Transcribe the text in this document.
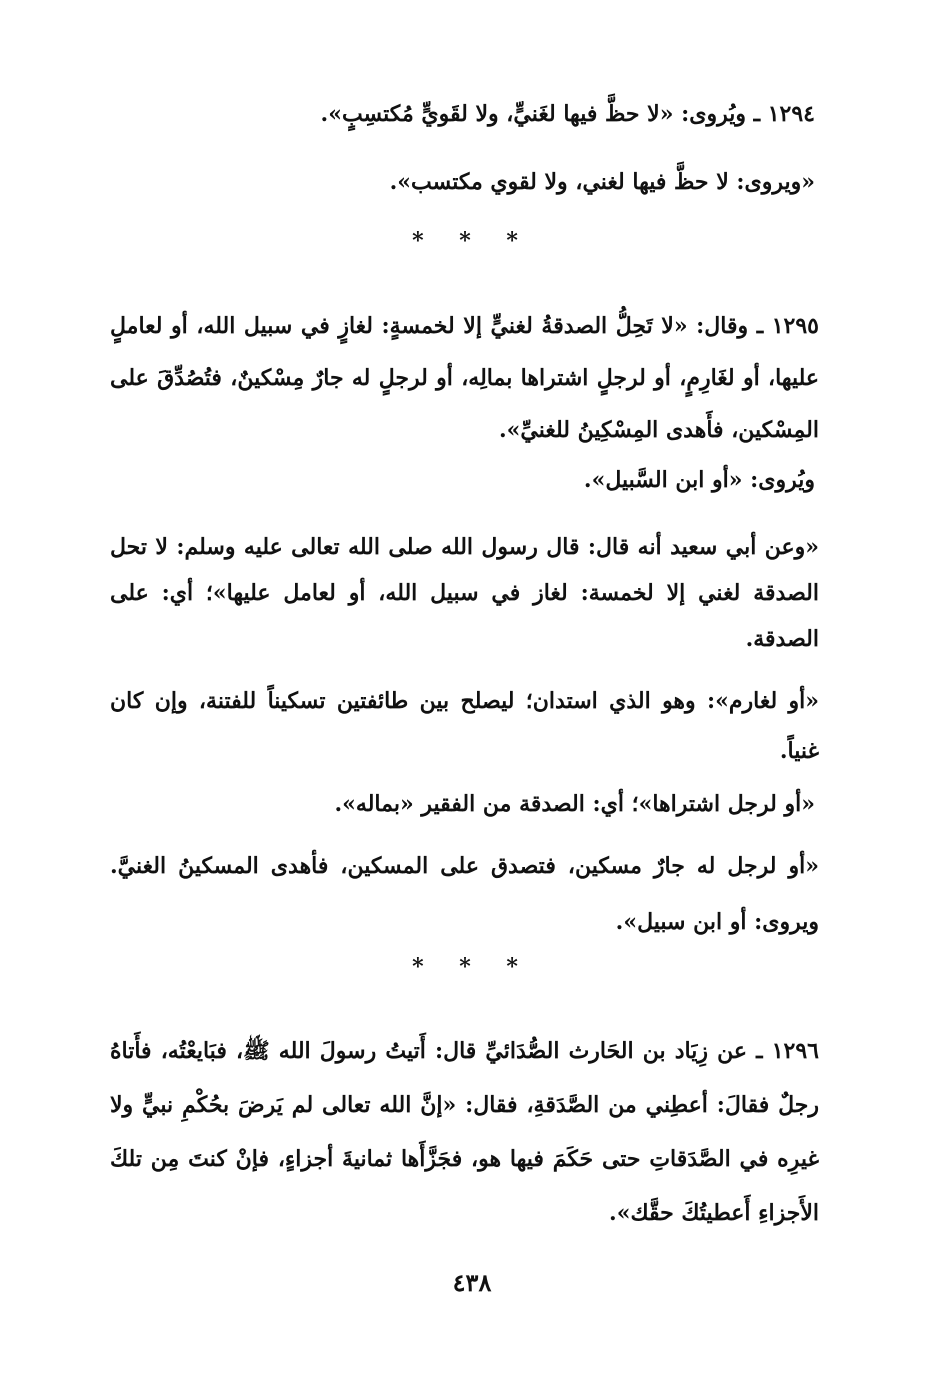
١٢٩٤ ـ ويُروى: «لا حظَّ فيها لغَنيٍّ، ولا لقَويٍّ مُكتسِبٍ».

«ويروى: لا حظَّ فيها لغني، ولا لقوي مكتسب».

* * *

١٢٩٥ ـ وقال: «لا تَحِلُّ الصدقةُ لغنيٍّ إلا لخمسةٍ: لغازٍ في سبيل الله، أو لعاملٍ عليها، أو لغَارِمٍ، أو لرجلٍ اشتراها بمالِه، أو لرجلٍ له جارٌ مِسْكينٌ، فتُصُدِّقَ على المِسْكين، فأَهدى المِسْكِينُ للغنيِّ».

ويُروى: «أو ابن السَّبيل».

«وعن أبي سعيد أنه قال: قال رسول الله صلى الله تعالى عليه وسلم: لا تحل الصدقة لغني إلا لخمسة: لغاز في سبيل الله، أو لعامل عليها»؛ أي: على الصدقة.

«أو لغارم»: وهو الذي استدان؛ ليصلح بين طائفتين تسكيناً للفتنة، وإن كان غنياً.

«أو لرجل اشتراها»؛ أي: الصدقة من الفقير «بماله».

«أو لرجل له جارٌ مسكين، فتصدق على المسكين، فأهدى المسكينُ الغنيَّ. ويروى: أو ابن سبيل».

* * *

١٢٩٦ ـ عن زِيَاد بن الحَارث الصُّدَائيِّ قال: أَتيتُ رسولَ الله ﷺ، فبَايعْتُه، فأَتاهُ رجلٌ فقالَ: أعطِني من الصَّدَقةِ، فقال: «إنَّ الله تعالى لم يَرضَ بحُكْمِ نبيٍّ ولا غيرِه في الصَّدَقاتِ حتى حَكَمَ فيها هو، فجَزَّأَها ثمانيةَ أجزاءٍ، فإنْ كنتَ مِن تلكَ الأَجزاءِ أَعطيتُكَ حقَّك».

٤٣٨
